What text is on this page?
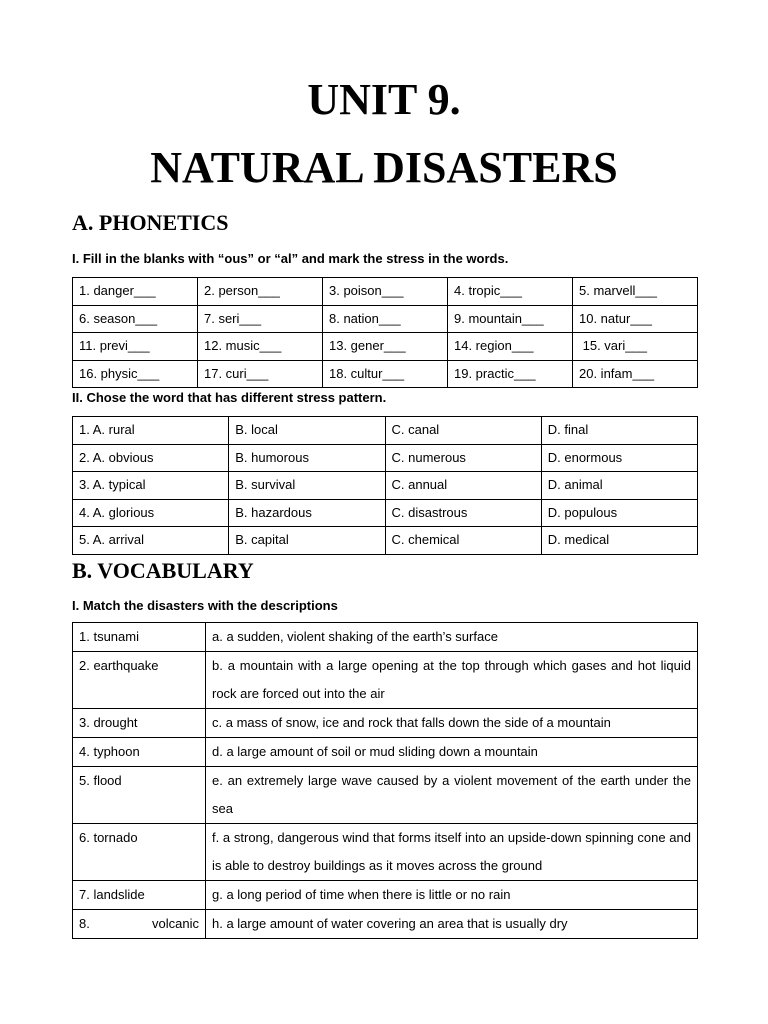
UNIT 9.
NATURAL DISASTERS
A. PHONETICS
I. Fill in the blanks with “ous” or “al” and mark the stress in the words.
1. danger___	2. person___	3. poison___	4. tropic___	5. marvell___
6. season___	7. seri___	8. nation___	9. mountain___	10. natur___
11. previ___	12. music___	13. gener___	14. region___	15. vari___
16. physic___	17. curi___	18. cultur___	19. practic___	20. infam___
II. Chose the word that has different stress pattern.
1. A. rural	B. local	C. canal	D. final
2. A. obvious	B. humorous	C. numerous	D. enormous
3. A. typical	B. survival	C. annual	D. animal
4. A. glorious	B. hazardous	C. disastrous	D. populous
5. A. arrival	B. capital	C. chemical	D. medical
B. VOCABULARY
I. Match the disasters with the descriptions
1. tsunami	a. a sudden, violent shaking of the earth’s surface
2. earthquake	b. a mountain with a large opening at the top through which gases and hot liquid rock are forced out into the air
3. drought	c. a mass of snow, ice and rock that falls down the side of a mountain
4. typhoon	d. a large amount of soil or mud sliding down a mountain
5. flood	e. an extremely large wave caused by a violent movement of the earth under the sea
6. tornado	f. a strong, dangerous wind that forms itself into an upside-down spinning cone and is able to destroy buildings as it moves across the ground
7. landslide	g. a long period of time when there is little or no rain

8. volcanic	h. a large amount of water covering an area that is usually dry
